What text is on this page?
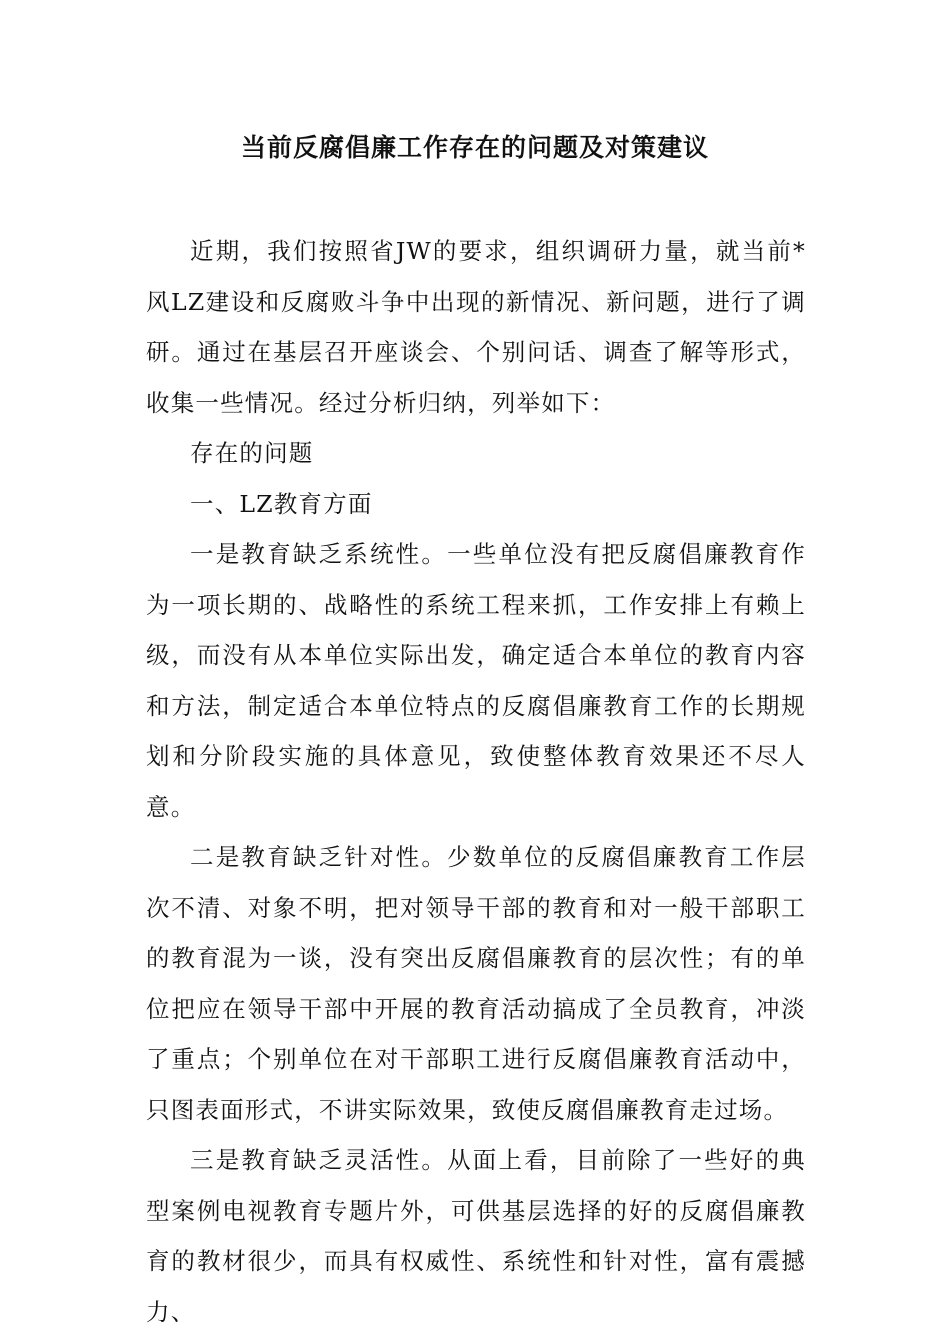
当前反腐倡廉工作存在的问题及对策建议

近期，我们按照省JW的要求，组织调研力量，就当前*风LZ建设和反腐败斗争中出现的新情况、新问题，进行了调研。通过在基层召开座谈会、个别问话、调查了解等形式，收集一些情况。经过分析归纳，列举如下：

存在的问题

一、LZ教育方面

一是教育缺乏系统性。一些单位没有把反腐倡廉教育作为一项长期的、战略性的系统工程来抓，工作安排上有赖上级，而没有从本单位实际出发，确定适合本单位的教育内容和方法，制定适合本单位特点的反腐倡廉教育工作的长期规划和分阶段实施的具体意见，致使整体教育效果还不尽人意。

二是教育缺乏针对性。少数单位的反腐倡廉教育工作层次不清、对象不明，把对领导干部的教育和对一般干部职工的教育混为一谈，没有突出反腐倡廉教育的层次性；有的单位把应在领导干部中开展的教育活动搞成了全员教育，冲淡了重点；个别单位在对干部职工进行反腐倡廉教育活动中，只图表面形式，不讲实际效果，致使反腐倡廉教育走过场。

三是教育缺乏灵活性。从面上看，目前除了一些好的典型案例电视教育专题片外，可供基层选择的好的反腐倡廉教育的教材很少，而具有权威性、系统性和针对性，富有震撼力、
